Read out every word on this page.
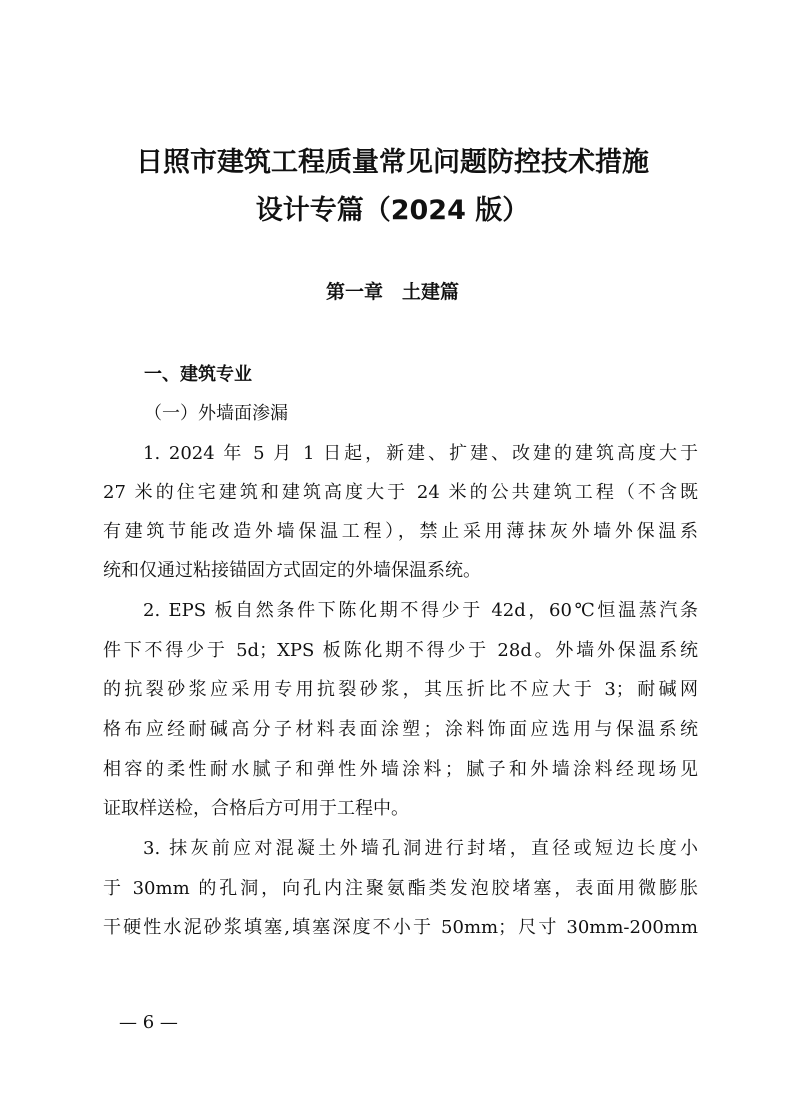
日照市建筑工程质量常见问题防控技术措施
设计专篇（2024 版）
第一章　土建篇
一、建筑专业
（一）外墙面渗漏
1. 2024 年 5 月 1 日起，新建、扩建、改建的建筑高度大于
27 米的住宅建筑和建筑高度大于 24 米的公共建筑工程（不含既
有建筑节能改造外墙保温工程），禁止采用薄抹灰外墙外保温系
统和仅通过粘接锚固方式固定的外墙保温系统。
2. EPS 板自然条件下陈化期不得少于 42d，60℃恒温蒸汽条
件下不得少于 5d；XPS 板陈化期不得少于 28d。外墙外保温系统
的抗裂砂浆应采用专用抗裂砂浆，其压折比不应大于 3；耐碱网
格布应经耐碱高分子材料表面涂塑；涂料饰面应选用与保温系统
相容的柔性耐水腻子和弹性外墙涂料；腻子和外墙涂料经现场见
证取样送检，合格后方可用于工程中。
3. 抹灰前应对混凝土外墙孔洞进行封堵，直径或短边长度小
于 30mm 的孔洞，向孔内注聚氨酯类发泡胶堵塞，表面用微膨胀
干硬性水泥砂浆填塞,填塞深度不小于 50mm；尺寸 30mm-200mm
— 6 —
